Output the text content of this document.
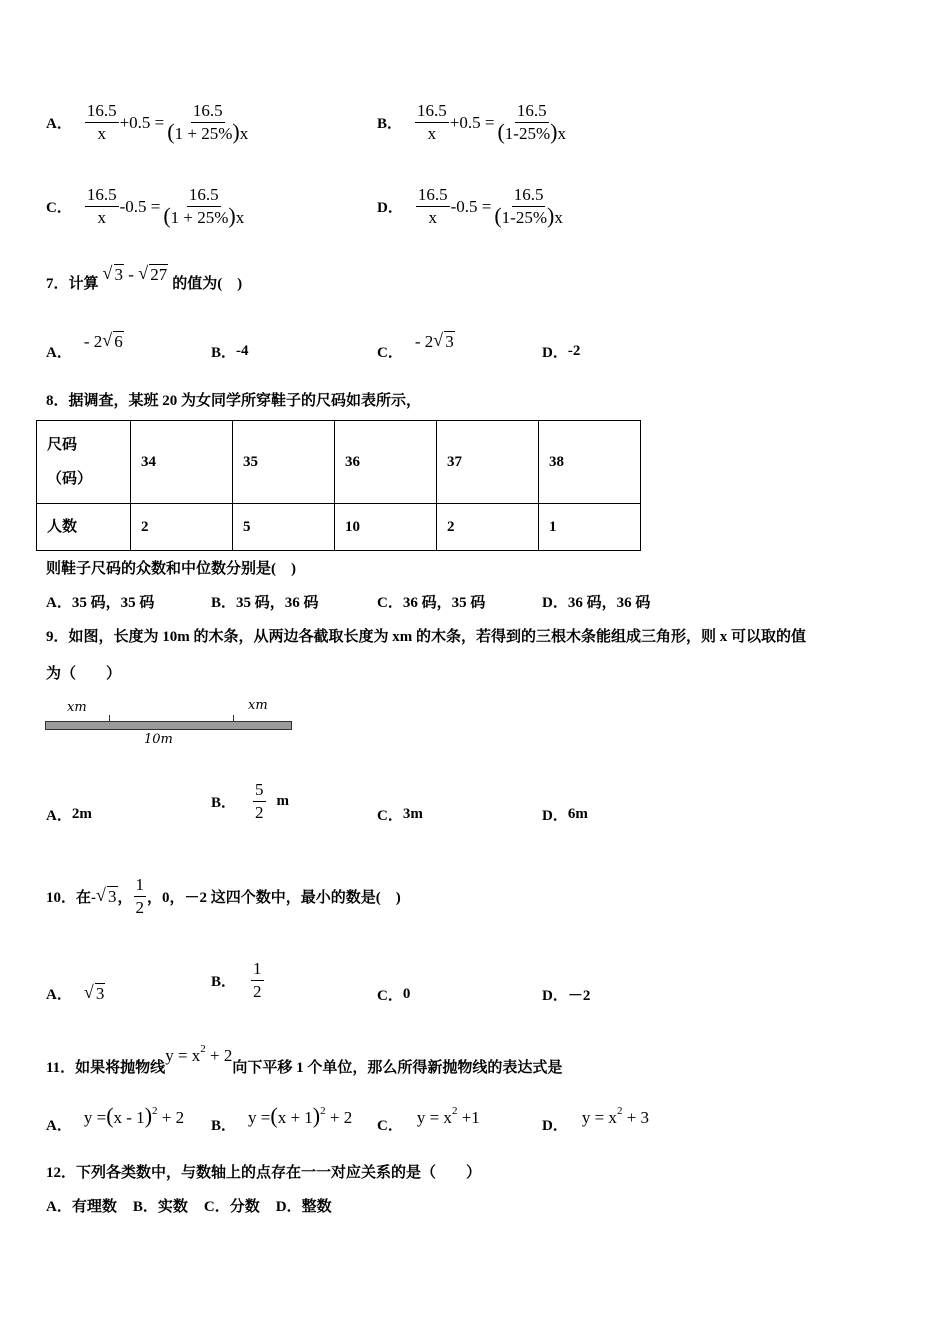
A． $\frac{16.5}{x} +0.5 = \frac{16.5}{(1 + 25\%)x}$	B． $\frac{16.5}{x} +0.5 = \frac{16.5}{(1-25\%)x}$
C． $\frac{16.5}{x} -0.5 = \frac{16.5}{(1 + 25\%)x}$	D． $\frac{16.5}{x} -0.5 = \frac{16.5}{(1-25\%)x}$
7．计算
√ 3 - √ 27
的值为(　)
A．
- 2 √ 6
B． -4	C．
- 2 √ 3
D． -2
8．据调查，某班 20 为女同学所穿鞋子的尺码如表所示，
尺码
（码）	34	35	36	37	38
人数	2	5	10	2	1
则鞋子尺码的众数和中位数分别是(　)
A． 35 码，35 码	B． 35 码，36 码	C． 36 码，35 码	D． 36 码，36 码
9．如图，长度为 10m 的木条，从两边各截取长度为 xm 的木条，若得到的三根木条能组成三角形，则 x 可以取的值
为（　　）
xm	xm
10m
A． 2m
B． $\frac{5}{2}$ m
C． 3m	D． 6m
10．在- √ 3 ， $\frac{1}{2}$ ，0，－2 这四个数中，最小的数是(　)
A．	√ 3
B． $\frac{1}{2}$	C． 0	D． －2
11．如果将抛物线
$y = x^2 + 2$
向下平移 1 个单位，那么所得新抛物线的表达式是
A． y =(x - 1)$^2$ + 2 B． $y =(x + 1)^2 + 2$ C． $y = x^2 +1$	D． $y = x^2 + 3$
12．下列各类数中，与数轴上的点存在一一对应关系的是（　　）
A．有理数 B．实数 C．分数 D．整数
